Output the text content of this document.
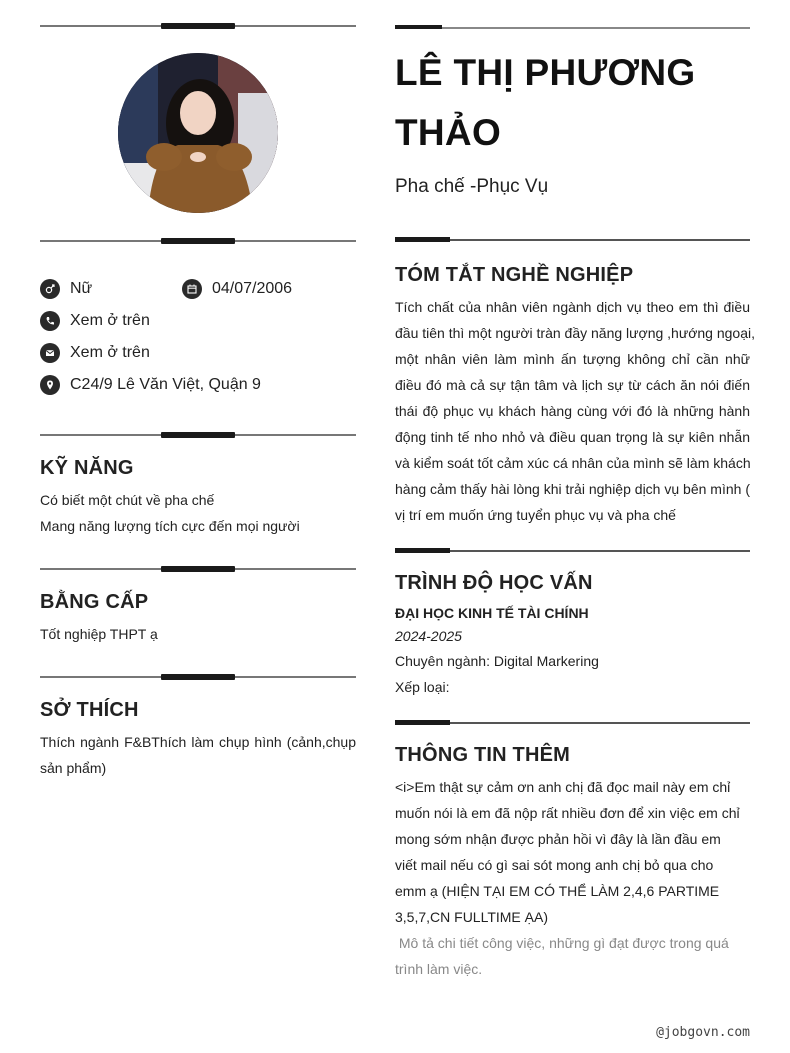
Nữ	04/07/2006
Xem ở trên
Xem ở trên
C24/9 Lê Văn Việt, Quận 9
KỸ NĂNG
Có biết một chút về pha chế
Mang năng lượng tích cực đến mọi người
BẰNG CẤP
Tốt nghiệp THPT ạ
SỞ THÍCH
Thích ngành F&BThích làm chụp hình (cảnh,chụp
sản phẩm)
LÊ THỊ PHƯƠNG
THẢO
Pha chế -Phục Vụ
TÓM TẮT NGHỀ NGHIỆP
Tích chất của nhân viên ngành dịch vụ theo em thì điều
đầu tiên thì một người tràn đầy năng lượng ,hướng ngoại,
một nhân viên làm mình ấn tượng không chỉ cần nhữ
điều đó mà cả sự tận tâm và lịch sự từ cách ăn nói điến
thái độ phục vụ khách hàng cùng với đó là những hành
động tinh tế nho nhỏ và điều quan trọng là sự kiên nhẫn
và kiểm soát tốt cảm xúc cá nhân của mình sẽ làm khách
hàng cảm thấy hài lòng khi trải nghiệp dịch vụ bên mình (
vị trí em muốn ứng tuyển phục vụ và pha chế
TRÌNH ĐỘ HỌC VẤN
ĐẠI HỌC KINH TẾ TÀI CHÍNH
2024-2025
Chuyên ngành: Digital Markering
Xếp loại:
THÔNG TIN THÊM
<i>Em thật sự cảm ơn anh chị đã đọc mail này em chỉ
muốn nói là em đã nộp rất nhiều đơn để xin việc em chỉ
mong sớm nhận được phản hồi vì đây là lần đầu em
viết mail nếu có gì sai sót mong anh chị bỏ qua cho
emm ạ (HIỆN TẠI EM CÓ THỂ LÀM 2,4,6 PARTIME
3,5,7,CN FULLTIME ẠA)
Mô tả chi tiết công việc, những gì đạt được trong quá
trình làm việc.
@jobgovn.com
